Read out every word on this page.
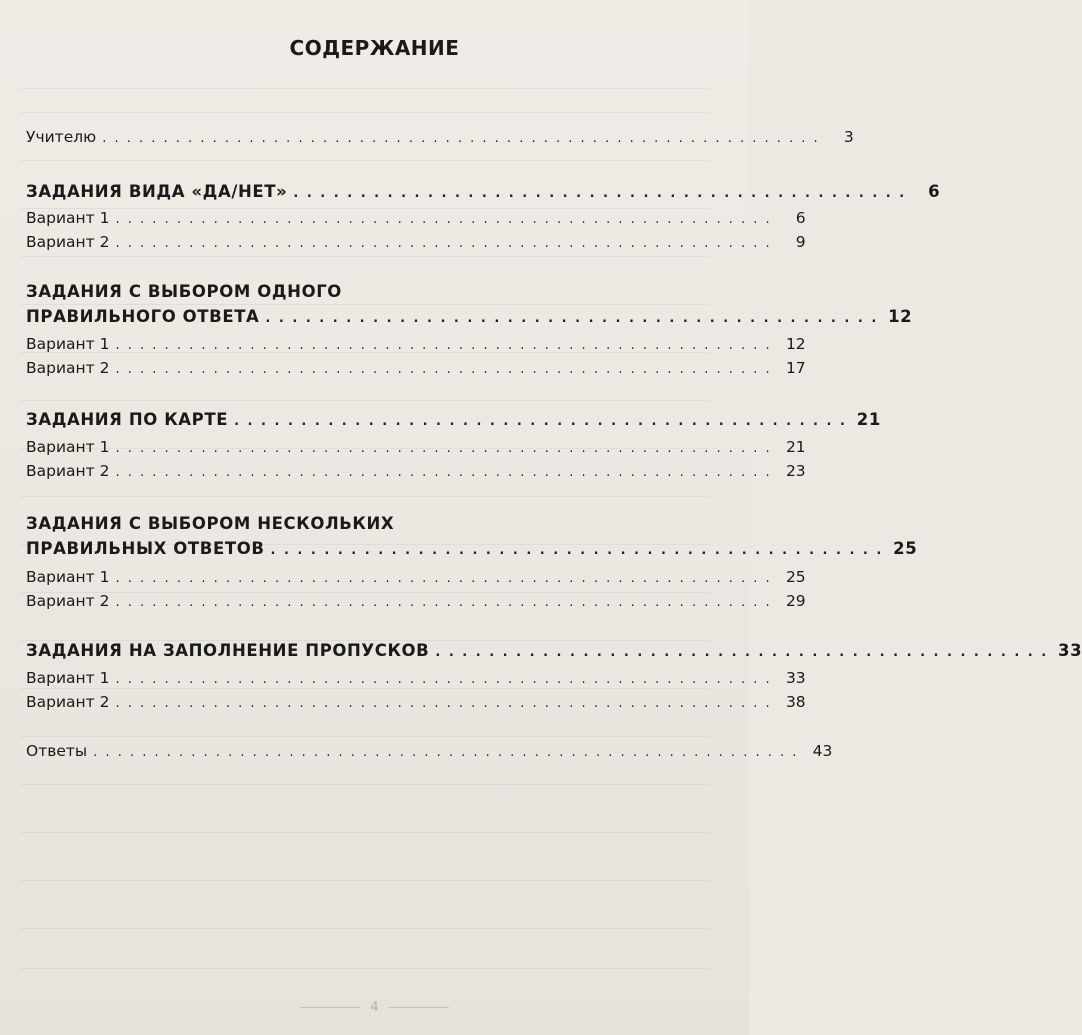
СОДЕРЖАНИЕ
Учителю . . . . . . . . . . . . . . . . . . . . . . . . . . . . . . . . . . . . . . . . . . . . . . . . . . . . . . . . . . .	3
ЗАДАНИЯ ВИДА «ДА/НЕТ» . . . . . . . . . . . . . . . . . . . . . . . . . . . . . . . . . . . . . . . . . . . . . .	6
Вариант 1 . . . . . . . . . . . . . . . . . . . . . . . . . . . . . . . . . . . . . . . . . . . . . . . . . . . . . .	6
Вариант 2 . . . . . . . . . . . . . . . . . . . . . . . . . . . . . . . . . . . . . . . . . . . . . . . . . . . . . .	9
ЗАДАНИЯ С ВЫБОРОМ ОДНОГО
ПРАВИЛЬНОГО ОТВЕТА . . . . . . . . . . . . . . . . . . . . . . . . . . . . . . . . . . . . . . . . . . . . . . 12
Вариант 1 . . . . . . . . . . . . . . . . . . . . . . . . . . . . . . . . . . . . . . . . . . . . . . . . . . . . . . 12
Вариант 2 . . . . . . . . . . . . . . . . . . . . . . . . . . . . . . . . . . . . . . . . . . . . . . . . . . . . . . 17
ЗАДАНИЯ ПО КАРТЕ . . . . . . . . . . . . . . . . . . . . . . . . . . . . . . . . . . . . . . . . . . . . . . 21
Вариант 1 . . . . . . . . . . . . . . . . . . . . . . . . . . . . . . . . . . . . . . . . . . . . . . . . . . . . . . 21
Вариант 2 . . . . . . . . . . . . . . . . . . . . . . . . . . . . . . . . . . . . . . . . . . . . . . . . . . . . . . 23
ЗАДАНИЯ С ВЫБОРОМ НЕСКОЛЬКИХ
ПРАВИЛЬНЫХ ОТВЕТОВ . . . . . . . . . . . . . . . . . . . . . . . . . . . . . . . . . . . . . . . . . . . . . . 25
Вариант 1 . . . . . . . . . . . . . . . . . . . . . . . . . . . . . . . . . . . . . . . . . . . . . . . . . . . . . . 25
Вариант 2 . . . . . . . . . . . . . . . . . . . . . . . . . . . . . . . . . . . . . . . . . . . . . . . . . . . . . . 29
ЗАДАНИЯ НА ЗАПОЛНЕНИЕ ПРОПУСКОВ . . . . . . . . . . . . . . . . . . . . . . . . . . . . . . . . . . . . . . . . . . . . . . 33
Вариант 1 . . . . . . . . . . . . . . . . . . . . . . . . . . . . . . . . . . . . . . . . . . . . . . . . . . . . . . 33
Вариант 2 . . . . . . . . . . . . . . . . . . . . . . . . . . . . . . . . . . . . . . . . . . . . . . . . . . . . . . 38
Ответы . . . . . . . . . . . . . . . . . . . . . . . . . . . . . . . . . . . . . . . . . . . . . . . . . . . . . . . . . . 43
4
